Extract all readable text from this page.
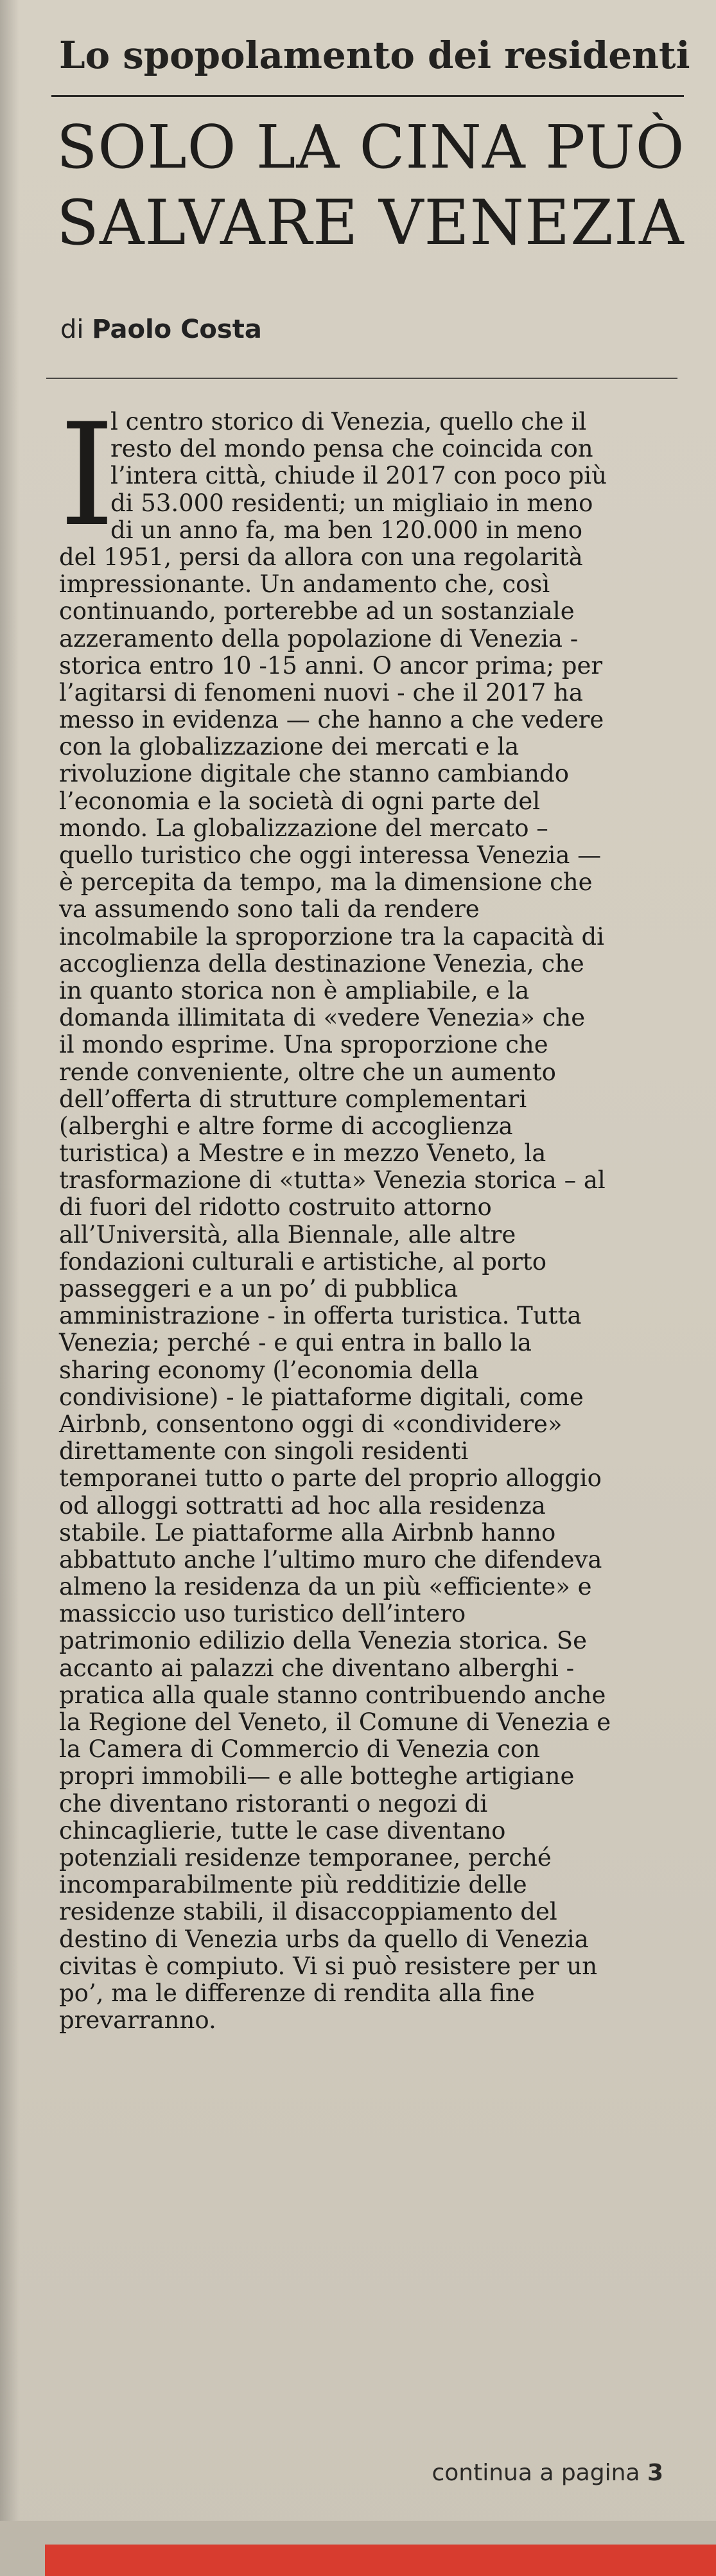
Lo spopolamento dei residenti
SOLO LA CINA PUÒ
SALVARE VENEZIA
di Paolo Costa
I
l centro storico di Venezia, quello che il
resto del mondo pensa che coincida con
l’intera città, chiude il 2017 con poco più
di 53.000 residenti; un migliaio in meno
di un anno fa, ma ben 120.000 in meno
del 1951, persi da allora con una regolarità
impressionante. Un andamento che, così
continuando, porterebbe ad un sostanziale
azzeramento della popolazione di Venezia -
storica entro 10 -15 anni. O ancor prima; per
l’agitarsi di fenomeni nuovi - che il 2017 ha
messo in evidenza — che hanno a che vedere
con la globalizzazione dei mercati e la
rivoluzione digitale che stanno cambiando
l’economia e la società di ogni parte del
mondo. La globalizzazione del mercato –
quello turistico che oggi interessa Venezia —
è percepita da tempo, ma la dimensione che
va assumendo sono tali da rendere
incolmabile la sproporzione tra la capacità di
accoglienza della destinazione Venezia, che
in quanto storica non è ampliabile, e la
domanda illimitata di «vedere Venezia» che
il mondo esprime. Una sproporzione che
rende conveniente, oltre che un aumento
dell’offerta di strutture complementari
(alberghi e altre forme di accoglienza
turistica) a Mestre e in mezzo Veneto, la
trasformazione di «tutta» Venezia storica – al
di fuori del ridotto costruito attorno
all’Università, alla Biennale, alle altre
fondazioni culturali e artistiche, al porto
passeggeri e a un po’ di pubblica
amministrazione - in offerta turistica. Tutta
Venezia; perché - e qui entra in ballo la
sharing economy (l’economia della
condivisione) - le piattaforme digitali, come
Airbnb, consentono oggi di «condividere»
direttamente con singoli residenti
temporanei tutto o parte del proprio alloggio
od alloggi sottratti ad hoc alla residenza
stabile. Le piattaforme alla Airbnb hanno
abbattuto anche l’ultimo muro che difendeva
almeno la residenza da un più «efficiente» e
massiccio uso turistico dell’intero
patrimonio edilizio della Venezia storica. Se
accanto ai palazzi che diventano alberghi -
pratica alla quale stanno contribuendo anche
la Regione del Veneto, il Comune di Venezia e
la Camera di Commercio di Venezia con
propri immobili— e alle botteghe artigiane
che diventano ristoranti o negozi di
chincaglierie, tutte le case diventano
potenziali residenze temporanee, perché
incomparabilmente più redditizie delle
residenze stabili, il disaccoppiamento del
destino di Venezia urbs da quello di Venezia
civitas è compiuto. Vi si può resistere per un
po’, ma le differenze di rendita alla fine
prevarranno.
continua a pagina 3
